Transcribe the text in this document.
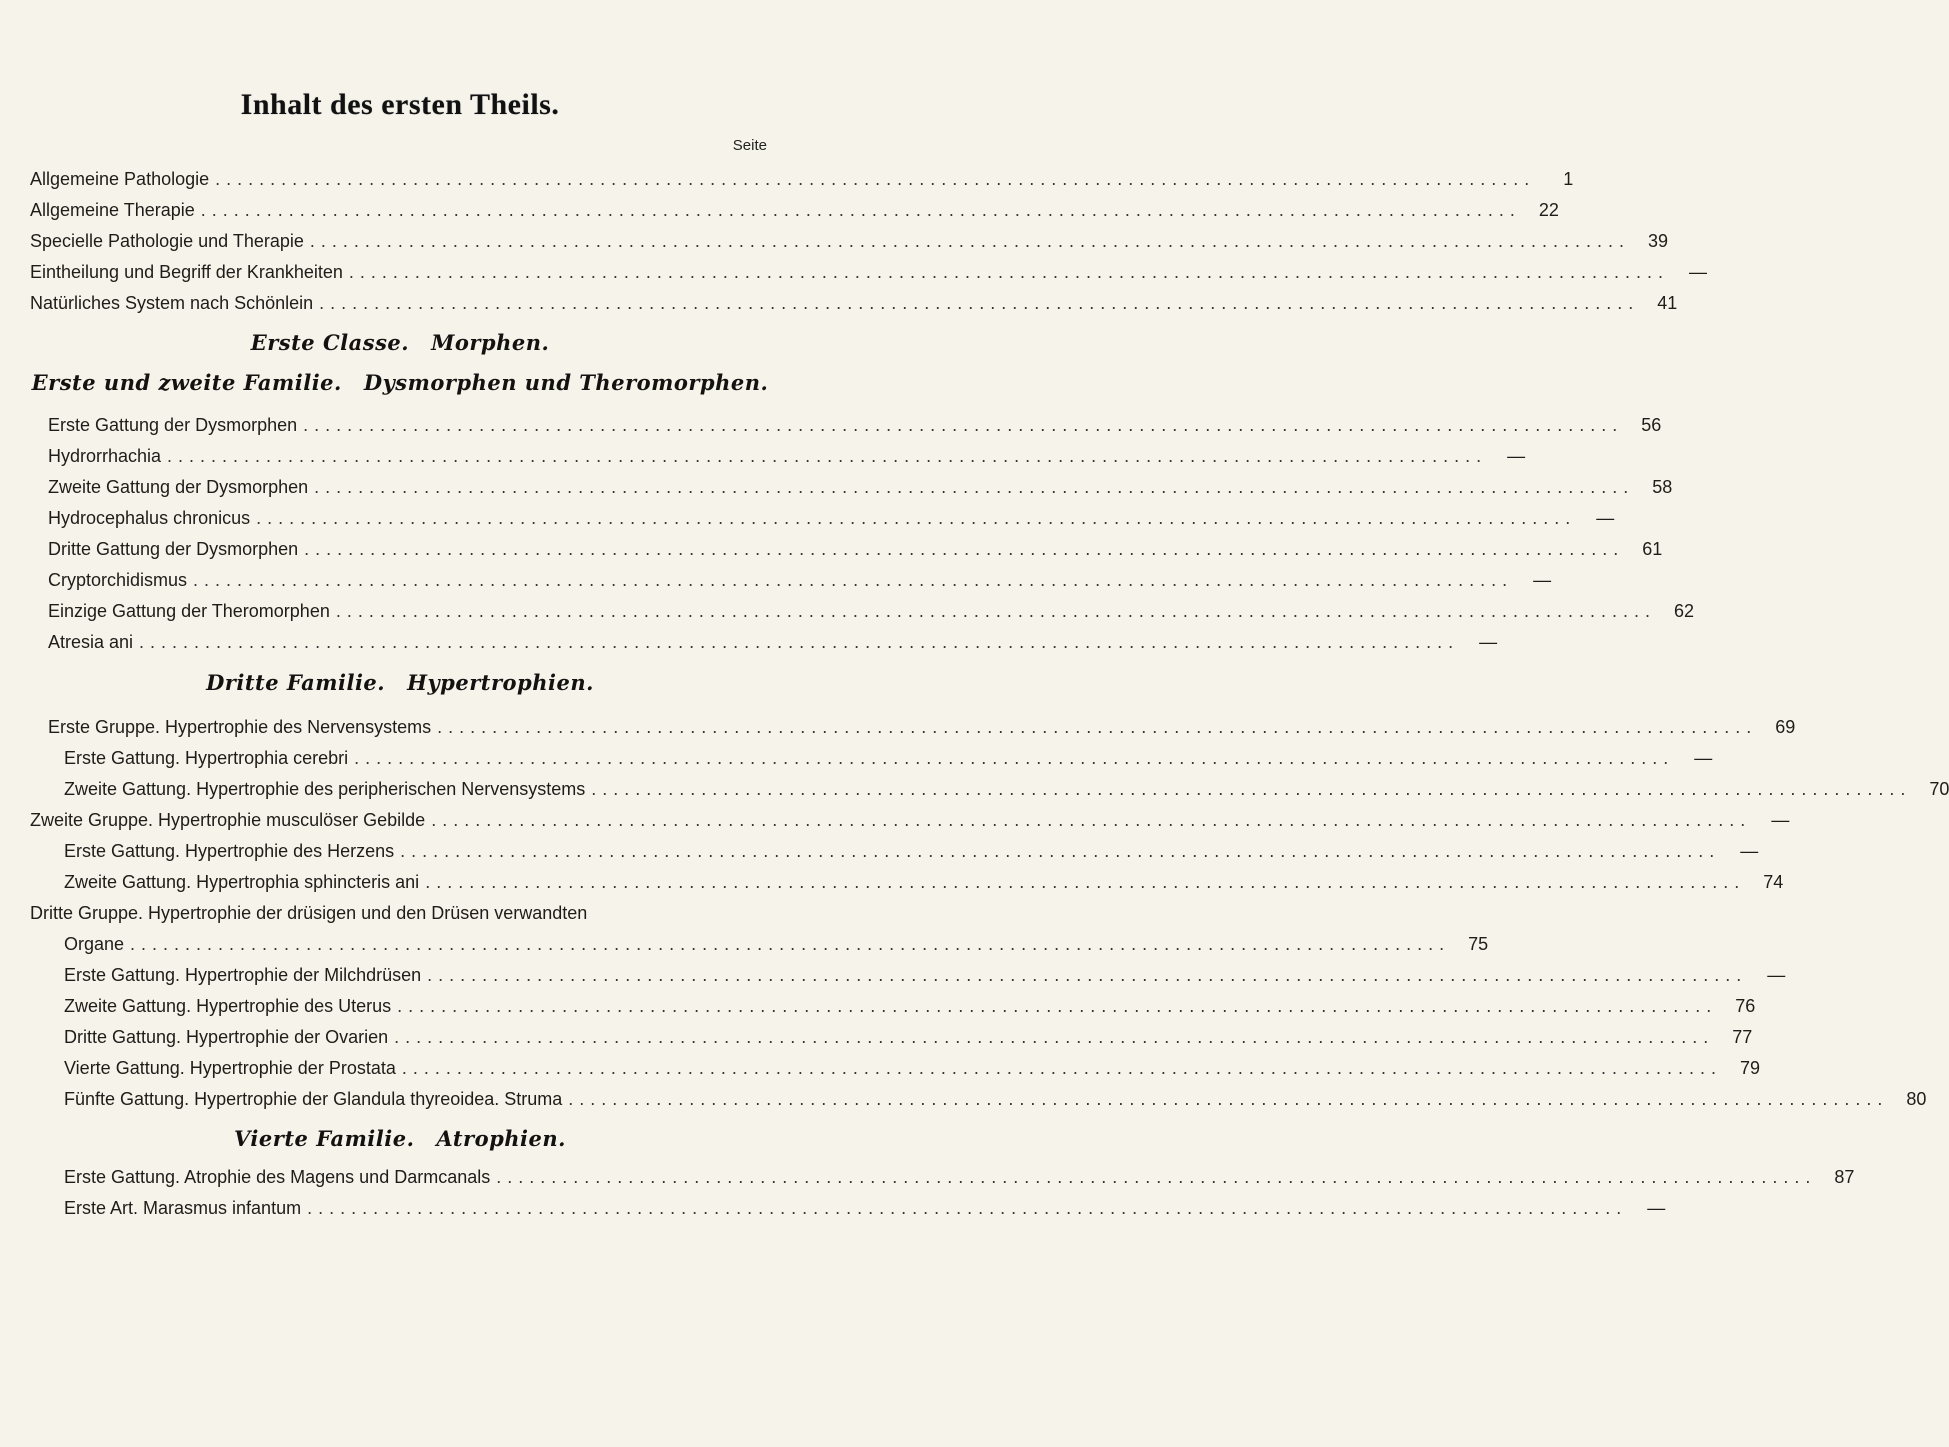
Inhalt des ersten Theils.
Seite
Allgemeine Pathologie ........................................................................................................................	1
Allgemeine Therapie ........................................................................................................................ 22
Specielle Pathologie und Therapie ........................................................................................................................ 39
Eintheilung und Begriff der Krankheiten ........................................................................................................................	—
Natürliches System nach Schönlein ........................................................................................................................ 41
Erste Classe. Morphen.
Erste und zweite Familie. Dysmorphen und Theromorphen.
Erste Gattung der Dysmorphen ........................................................................................................................ 56
Hydrorrhachia ........................................................................................................................	—
Zweite Gattung der Dysmorphen ........................................................................................................................ 58
Hydrocephalus chronicus ........................................................................................................................	—
Dritte Gattung der Dysmorphen ........................................................................................................................ 61
Cryptorchidismus ........................................................................................................................	—
Einzige Gattung der Theromorphen ........................................................................................................................ 62
Atresia ani ........................................................................................................................	—
Dritte Familie. Hypertrophien.
Erste Gruppe. Hypertrophie des Nervensystems ........................................................................................................................ 69
Erste Gattung. Hypertrophia cerebri ........................................................................................................................	—
Zweite Gattung. Hypertrophie des peripherischen Nervensystems ........................................................................................................................ 70
Zweite Gruppe. Hypertrophie musculöser Gebilde ........................................................................................................................	—
Erste Gattung. Hypertrophie des Herzens ........................................................................................................................	—
Zweite Gattung. Hypertrophia sphincteris ani ........................................................................................................................ 74
Dritte Gruppe. Hypertrophie der drüsigen und den Drüsen verwandten
Organe ........................................................................................................................ 75
Erste Gattung. Hypertrophie der Milchdrüsen ........................................................................................................................	—
Zweite Gattung. Hypertrophie des Uterus ........................................................................................................................ 76
Dritte Gattung. Hypertrophie der Ovarien ........................................................................................................................ 77
Vierte Gattung. Hypertrophie der Prostata ........................................................................................................................ 79
Fünfte Gattung. Hypertrophie der Glandula thyreoidea. Struma ........................................................................................................................ 80
Vierte Familie. Atrophien.
Erste Gattung. Atrophie des Magens und Darmcanals ........................................................................................................................ 87
Erste Art. Marasmus infantum ........................................................................................................................	—
